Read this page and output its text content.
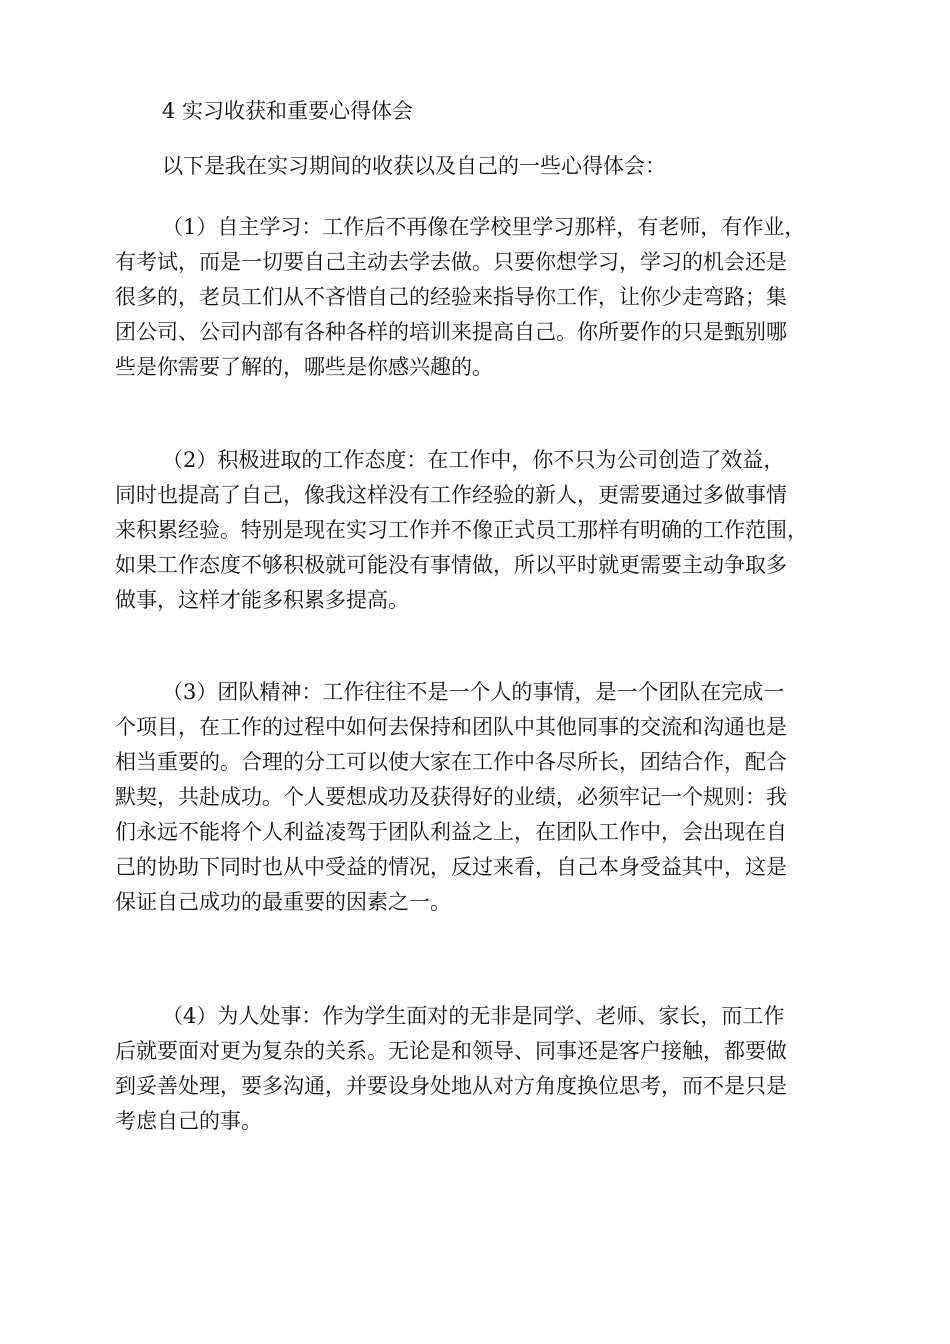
4 实习收获和重要心得体会
以下是我在实习期间的收获以及自己的一些心得体会：
（1）自主学习：工作后不再像在学校里学习那样，有老师，有作业，
有考试，而是一切要自己主动去学去做。只要你想学习，学习的机会还是
很多的，老员工们从不吝惜自己的经验来指导你工作，让你少走弯路；集
团公司、公司内部有各种各样的培训来提高自己。你所要作的只是甄别哪
些是你需要了解的，哪些是你感兴趣的。
（2）积极进取的工作态度：在工作中，你不只为公司创造了效益，
同时也提高了自己，像我这样没有工作经验的新人，更需要通过多做事情
来积累经验。特别是现在实习工作并不像正式员工那样有明确的工作范围，
如果工作态度不够积极就可能没有事情做，所以平时就更需要主动争取多
做事，这样才能多积累多提高。
（3）团队精神：工作往往不是一个人的事情，是一个团队在完成一
个项目，在工作的过程中如何去保持和团队中其他同事的交流和沟通也是
相当重要的。合理的分工可以使大家在工作中各尽所长，团结合作，配合
默契，共赴成功。个人要想成功及获得好的业绩，必须牢记一个规则：我
们永远不能将个人利益凌驾于团队利益之上，在团队工作中，会出现在自
己的协助下同时也从中受益的情况，反过来看，自己本身受益其中，这是
保证自己成功的最重要的因素之一。
（4）为人处事：作为学生面对的无非是同学、老师、家长，而工作
后就要面对更为复杂的关系。无论是和领导、同事还是客户接触，都要做
到妥善处理，要多沟通，并要设身处地从对方角度换位思考，而不是只是
考虑自己的事。
